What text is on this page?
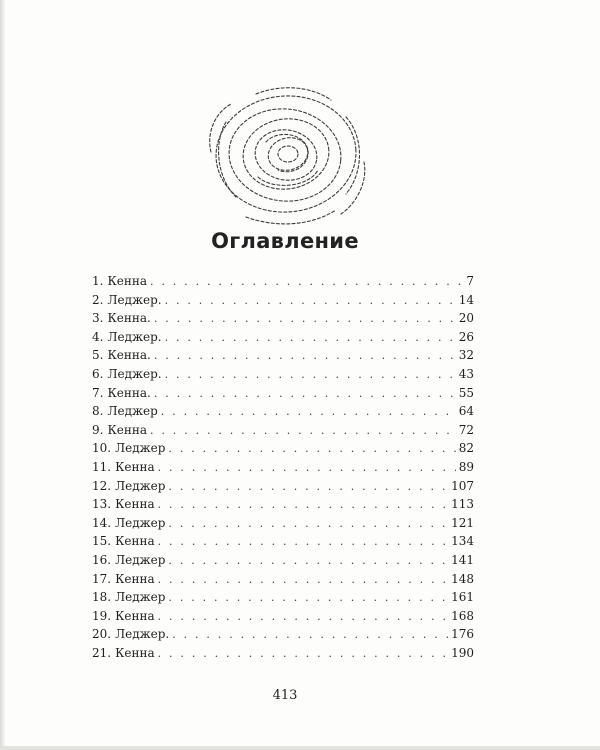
Оглавление
1. Кенна . . .	7
2. Леджер. . . .	14
3. Кенна. . . .	20
4. Леджер. . . .	26
5. Кенна. . . .	32
6. Леджер. . . .	43
7. Кенна. . . .	55
8. Леджер . . .	64
9. Кенна . . .	72
10. Леджер . . .	82
11. Кенна . . .	89
12. Леджер . . .	107
13. Кенна . . .	113
14. Леджер . . .	121
15. Кенна . . .	134
16. Леджер . . .	141
17. Кенна . . .	148
18. Леджер . . .	161
19. Кенна . . .	168
20. Леджер. . . .	176
21. Кенна . . .	190
413
